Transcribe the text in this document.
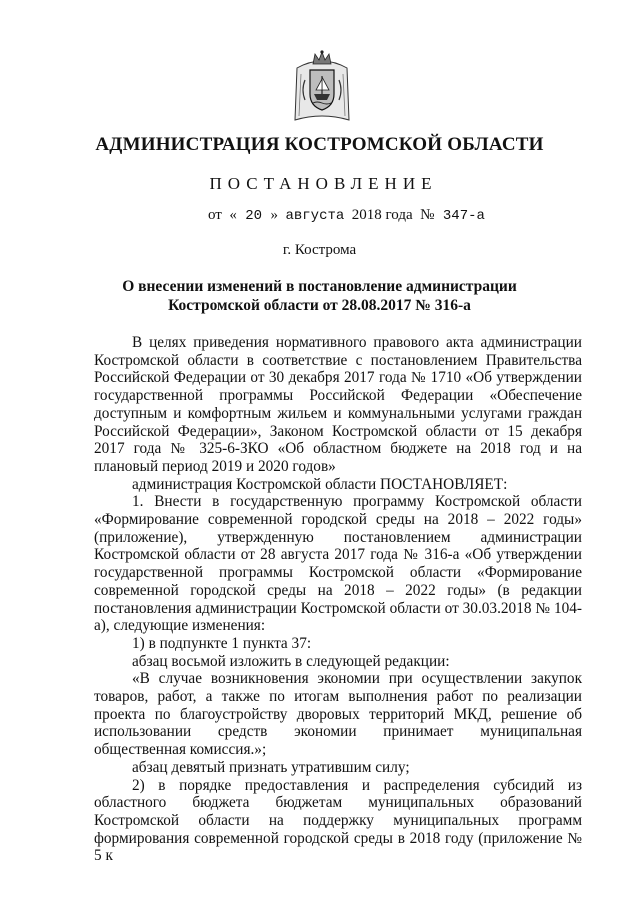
АДМИНИСТРАЦИЯ КОСТРОМСКОЙ ОБЛАСТИ
ПОСТАНОВЛЕНИЕ
от  « 20 »  августа  2018 года  № 347-а
г. Кострома
О внесении изменений в постановление администрации
Костромской области от 28.08.2017 № 316-а

В целях приведения нормативного правового акта администрации Костромской области в соответствие с постановлением Правительства Российской Федерации от 30 декабря 2017 года № 1710 «Об утверждении государственной программы Российской Федерации «Обеспечение доступным и комфортным жильем и коммунальными услугами граждан Российской Федерации», Законом Костромской области от 15 декабря 2017 года № 325-6-ЗКО «Об областном бюджете на 2018 год и на плановый период 2019 и 2020 годов»

администрация Костромской области ПОСТАНОВЛЯЕТ:

1. Внести в государственную программу Костромской области «Формирование современной городской среды на 2018 – 2022 годы» (приложение), утвержденную постановлением администрации Костромской области от 28 августа 2017 года № 316-а «Об утверждении государственной программы Костромской области «Формирование современной городской среды на 2018 – 2022 годы» (в редакции постановления администрации Костромской области от 30.03.2018 № 104-а), следующие изменения:

1) в подпункте 1 пункта 37:

абзац восьмой изложить в следующей редакции:

«В случае возникновения экономии при осуществлении закупок товаров, работ, а также по итогам выполнения работ по реализации проекта по благоустройству дворовых территорий МКД, решение об использовании средств экономии принимает муниципальная общественная комиссия.»;

абзац девятый признать утратившим силу;

2) в порядке предоставления и распределения субсидий из областного бюджета бюджетам муниципальных образований Костромской области на поддержку муниципальных программ формирования современной городской среды в 2018 году (приложение № 5 к
